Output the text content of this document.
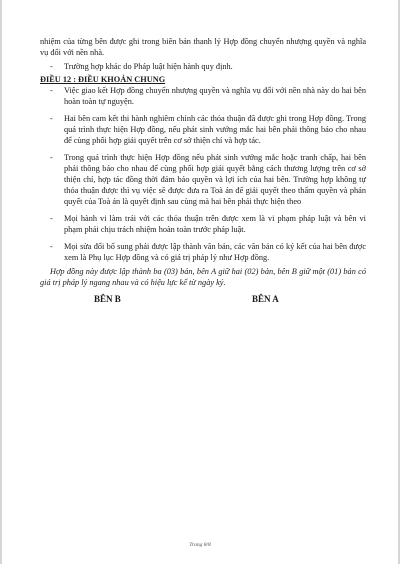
nhiệm của từng bên được ghi trong biên bản thanh lý Hợp đồng chuyển nhượng quyền và nghĩa vụ đổi với nền nhà.

-	Trường hợp khác do Pháp luật hiện hành quy định.

ĐIỀU 12 : ĐIỀU KHOẢN CHUNG

-	Việc giao kết Hợp đồng chuyển nhượng quyền và nghĩa vụ đổi với nền nhà này do hai bên hoàn toàn tự nguyện.
-	Hai bên cam kết thi hành nghiêm chỉnh các thỏa thuận đã được ghi trong Hợp đồng. Trong quá trình thực hiện Hợp đồng, nếu phát sinh vướng mắc hai bên phải thông báo cho nhau để cùng phối hợp giải quyết trên cơ sở thiện chí và hợp tác.
-	Trong quá trình thực hiện Hợp đồng nếu phát sinh vướng mắc hoặc tranh chấp, hai bên phải thông báo cho nhau để cùng phối hợp giải quyết bằng cách thương lượng trên cơ sở thiện chí, hợp tác đồng thời đảm bảo quyền và lợi ích của hai bên. Trường hợp không tự thỏa thuận được thì vụ việc sẽ được đưa ra Toà án để giải quyết theo thẩm quyền và phán quyết của Toà án là quyết định sau cùng mà hai bên phải thực hiện theo
-	Mọi hành vi làm trái với các thỏa thuận trên được xem là vi phạm pháp luật và bên vi phạm phải chịu trách nhiệm hoàn toàn trước pháp luật.
-	Mọi sửa đổi bổ sung phải được lập thành văn bản, các văn bản có ký kết của hai bên được xem là Phụ lục Hợp đồng và có giá trị pháp lý như Hợp đồng.

Hợp đồng này được lập thành ba (03) bản, bên A giữ hai (02) bản, bên B giữ một (01) bản có giá trị pháp lý ngang nhau và có hiệu lực kể từ ngày ký.

BÊN B	BÊN A
Trang 8/8
